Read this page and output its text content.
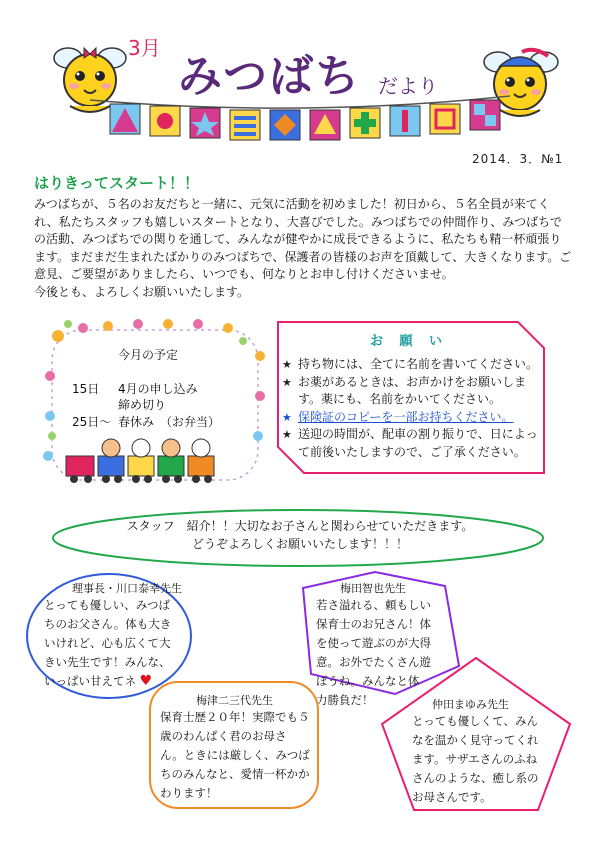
3月
みつばち だより
2014．3．№1
はりきってスタート！！

みつばちが、５名のお友だちと一緒に、元気に活動を初めました！初日から、５名全員が来てくれ、私たちスタッフも嬉しいスタートとなり、大喜びでした。みつばちでの仲間作り、みつばちでの活動、みつばちでの関りを通して、みんなが健やかに成長できるように、私たちも精一杯頑張ります。まだまだ生まれたばかりのみつばちで、保護者の皆様のお声を頂戴して、大きくなります。ご意見、ご要望がありましたら、いつでも、何なりとお申し付けくださいませ。

今後とも、よろしくお願いいたします。

今月の予定
15日 4月の申し込み
締め切り
25日～ 春休み　（お弁当）
お 願 い
★ 持ち物には、全てに名前を書いてください。
★ お薬があるときは、お声かけをお願いします。薬にも、名前をかいてください。
★ 保険証のコピーを一部お持ちください。
★ 送迎の時間が、配車の割り振りで、日によって前後いたしますので、ご了承ください。
スタッフ　紹介！！大切なお子さんと関わらせていただきます。
どうぞよろしくお願いいたします！！！
理事長・川口泰幸先生
とっても優しい、みつばちのお父さん。体も大きいけれど、心も広くて大きい先生です！みんな、いっぱい甘えてネ ♥
梅田智也先生
若さ溢れる、頼もしい保育士のお兄さん！体を使って遊ぶのが大得意。お外でたくさん遊ぼうね。みんなと体　力勝負だ！
梅津二三代先生
保育士歴２０年！実際でも５歳のわんぱく君のお母さん。ときには厳しく、みつばちのみんなと、愛情一杯かかわります！
仲田まゆみ先生
とっても優しくて、みんなを温かく見守ってくれます。サザエさんのふねさんのような、癒し系のお母さんです。
